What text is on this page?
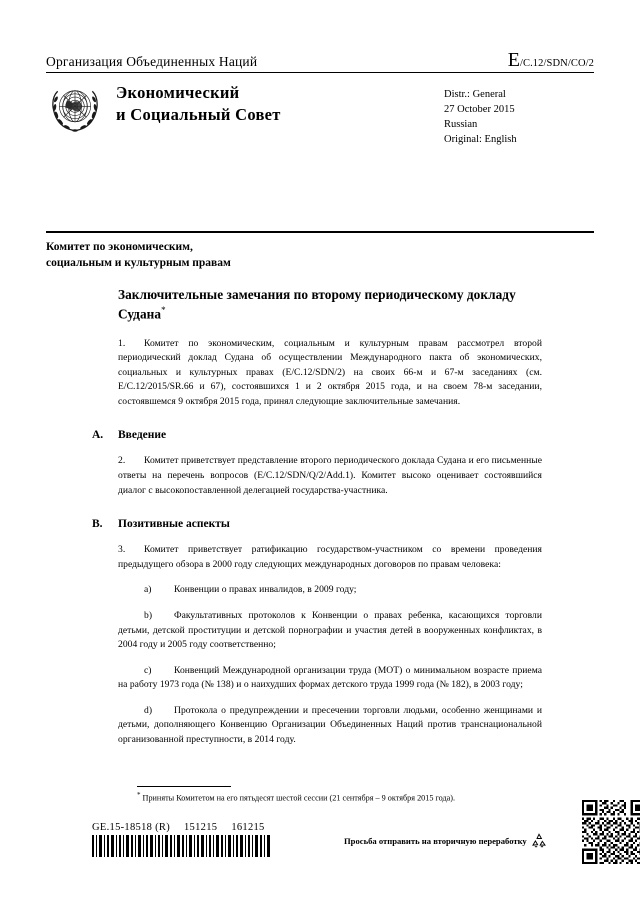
Организация Объединенных Наций	E/C.12/SDN/CO/2
Экономический
и Социальный Совет
Distr.: General
27 October 2015
Russian
Original: English
Комитет по экономическим,
социальным и культурным правам
Заключительные замечания по второму периодическому докладу Судана*

1. Комитет по экономическим, социальным и культурным правам рассмотрел второй периодический доклад Судана об осуществлении Международного пакта об экономических, социальных и культурных правах (E/C.12/SDN/2) на своих 66-м и 67-м заседаниях (см. E/C.12/2015/SR.66 и 67), состоявшихся 1 и 2 октября 2015 года, и на своем 78-м заседании, состоявшемся 9 октября 2015 года, принял следующие заключительные замечания.

A.	Введение

2. Комитет приветствует представление второго периодического доклада Судана и его письменные ответы на перечень вопросов (E/C.12/SDN/Q/2/Add.1). Комитет высоко оценивает состоявшийся диалог с высокопоставленной делегацией государства-участника.

B.	Позитивные аспекты

3. Комитет приветствует ратификацию государством-участником со времени проведения предыдущего обзора в 2000 году следующих международных договоров по правам человека:

a) Конвенции о правах инвалидов, в 2009 году;

b) Факультативных протоколов к Конвенции о правах ребенка, касающихся торговли детьми, детской проституции и детской порнографии и участия детей в вооруженных конфликтах, в 2004 году и 2005 году соответственно;

c) Конвенций Международной организации труда (МОТ) о минимальном возрасте приема на работу 1973 года (№ 138) и о наихудших формах детского труда 1999 года (№ 182), в 2003 году;

d) Протокола о предупреждении и пресечении торговли людьми, особенно женщинами и детьми, дополняющего Конвенцию Организации Объединенных Наций против транснациональной организованной преступности, в 2014 году.

* Приняты Комитетом на его пятьдесят шестой сессии (21 сентября – 9 октября 2015 года).
GE.15-18518 (R) 151215 161215
Просьба отправить на вторичную переработку
